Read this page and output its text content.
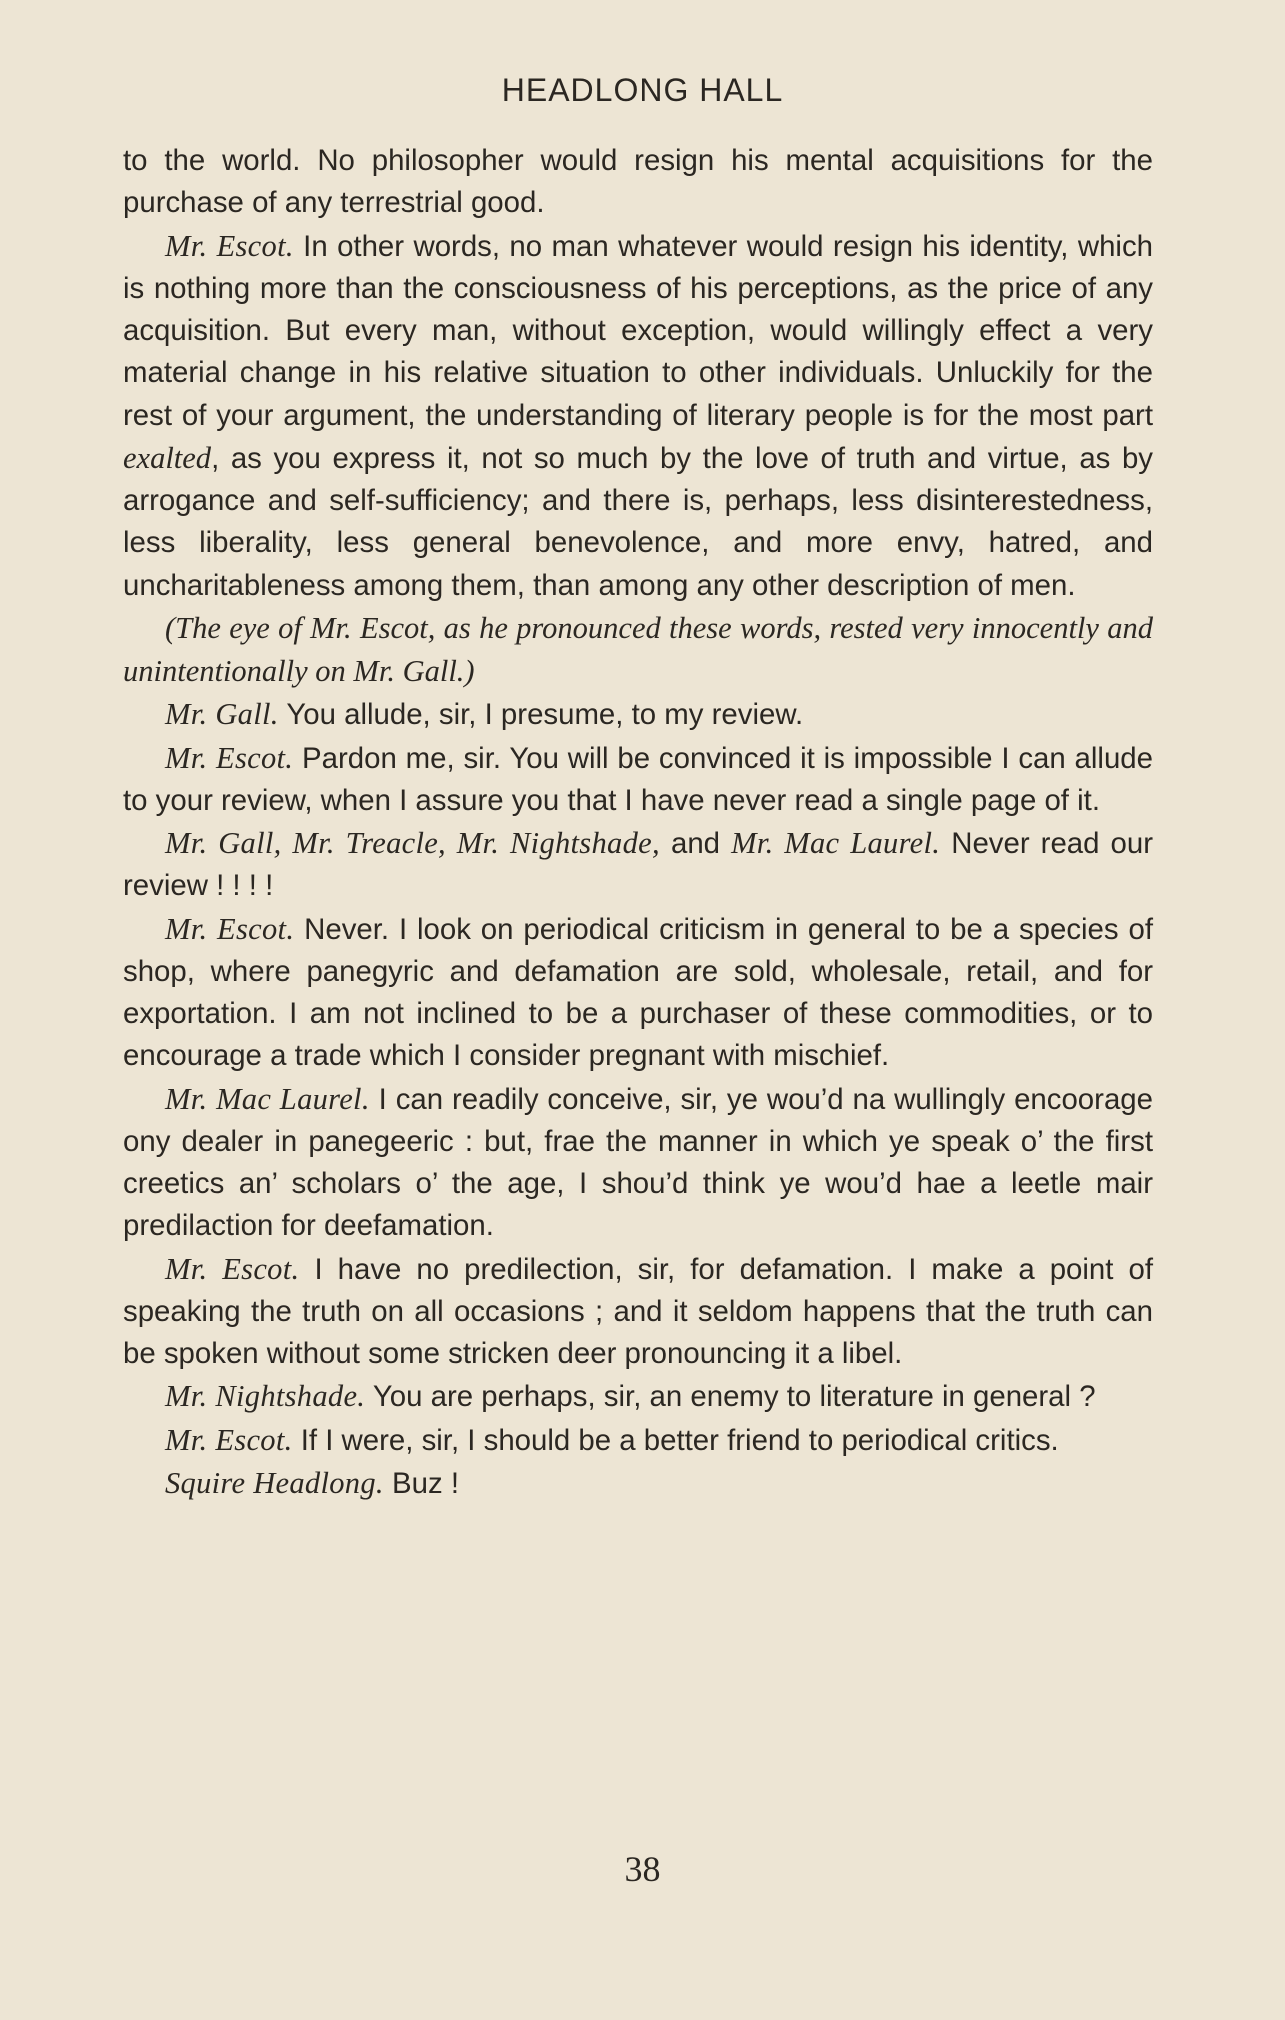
HEADLONG HALL

to the world. No philosopher would resign his mental acquisitions for the purchase of any terrestrial good.

Mr. Escot. In other words, no man whatever would resign his identity, which is nothing more than the consciousness of his perceptions, as the price of any acquisition. But every man, without exception, would willingly effect a very material change in his relative situation to other individuals. Unluckily for the rest of your argument, the understanding of literary people is for the most part exalted, as you express it, not so much by the love of truth and virtue, as by arrogance and self-sufficiency; and there is, perhaps, less disinterestedness, less liberality, less general benevolence, and more envy, hatred, and uncharitableness among them, than among any other description of men.

(The eye of Mr. Escot, as he pronounced these words, rested very innocently and unintentionally on Mr. Gall.)

Mr. Gall. You allude, sir, I presume, to my review.

Mr. Escot. Pardon me, sir. You will be convinced it is impossible I can allude to your review, when I assure you that I have never read a single page of it.

Mr. Gall, Mr. Treacle, Mr. Nightshade, and Mr. Mac Laurel. Never read our review ! ! ! !

Mr. Escot. Never. I look on periodical criticism in general to be a species of shop, where panegyric and defamation are sold, wholesale, retail, and for exportation. I am not inclined to be a purchaser of these commodities, or to encourage a trade which I consider pregnant with mischief.

Mr. Mac Laurel. I can readily conceive, sir, ye wou’d na wullingly encoorage ony dealer in panegeeric : but, frae the manner in which ye speak o’ the first creetics an’ scholars o’ the age, I shou’d think ye wou’d hae a leetle mair predilaction for deefamation.

Mr. Escot. I have no predilection, sir, for defamation. I make a point of speaking the truth on all occasions ; and it seldom happens that the truth can be spoken without some stricken deer pronouncing it a libel.

Mr. Nightshade. You are perhaps, sir, an enemy to literature in general ?

Mr. Escot. If I were, sir, I should be a better friend to periodical critics.

Squire Headlong. Buz !

38
